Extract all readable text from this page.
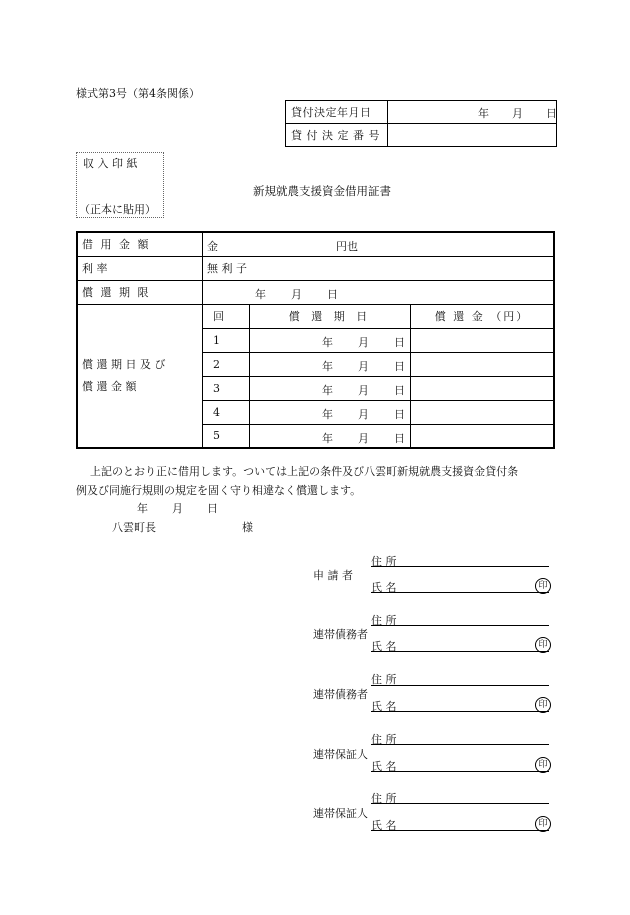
様式第3号（第4条関係）
貸付決定年月日	年 月 日

貸 付 決 定 番 号	
収 入 印 紙
（正本に貼用）
新規就農支援資金借用証書
借 用 金 額	金 円也		

利 率	無 利 子		
償 還 期 限	年 月 日		

償 還 期 日 及 び
償 還 金 額	回	償 還 期 日	償 還 金 （円）
	1	年 月 日	

	2	年 月 日	

	3	年 月 日	

	4	年 月 日	

	5	年 月 日	

上記のとおり正に借用します。ついては上記の条件及び八雲町新規就農支援資金貸付条
例及び同施行規則の規定を固く守り相違なく償還します。
年 月 日
八雲町長	様
申 請 者
住 所
氏 名	印
連帯債務者
住 所
氏 名	印
連帯債務者
住 所
氏 名	印
連帯保証人
住 所
氏 名	印
連帯保証人
住 所
氏 名	印
